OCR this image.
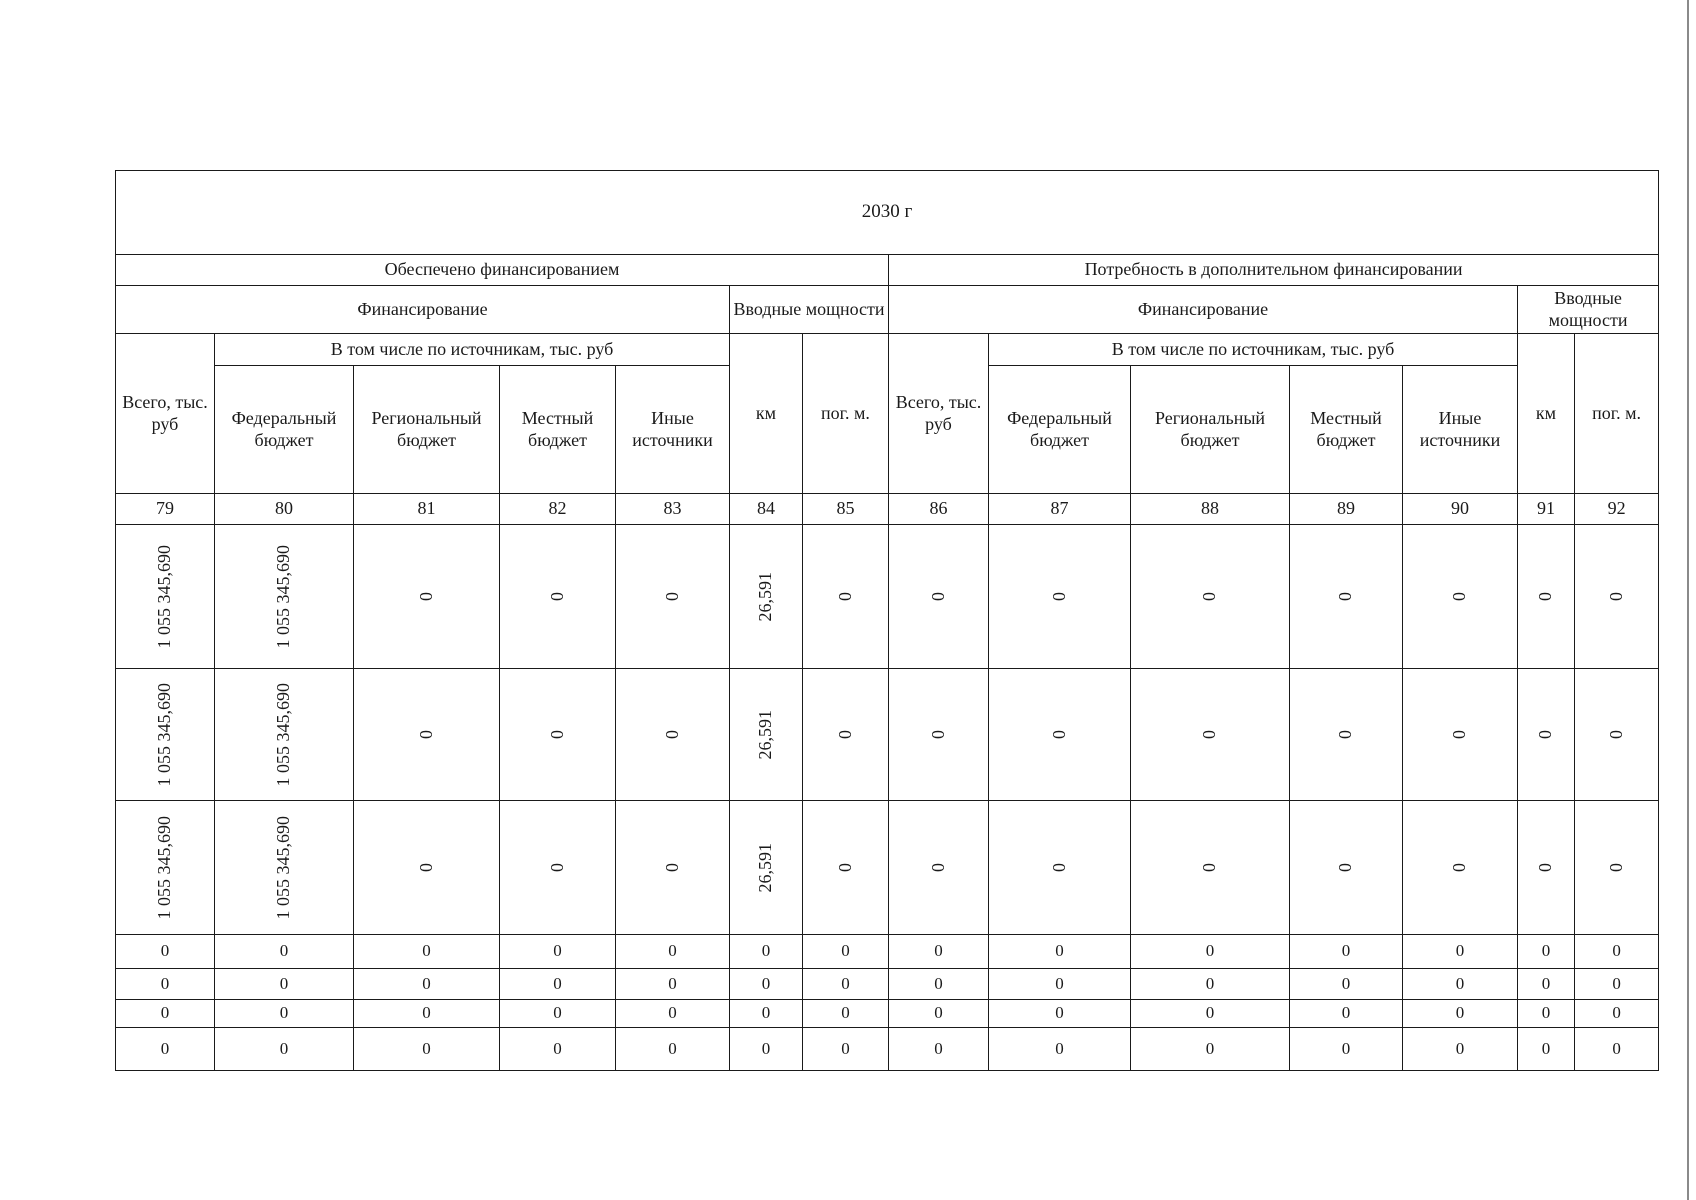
2030 г													
Обеспечено финансированием							Потребность в дополнительном финансировании						
Финансирование					Вводные мощности		Финансирование					Вводные мощности	
Всего, тыс. руб	В том числе по источникам, тыс. руб				км	пог. м.	Всего, тыс. руб	В том числе по источникам, тыс. руб				км	пог. м.
	Федеральный бюджет	Региональный бюджет	Местный бюджет	Иные источники				Федеральный бюджет	Региональный бюджет	Местный бюджет	Иные источники		
79	80	81	82	83	84	85	86	87	88	89	90	91	92

1 055 345,690	1 055 345,690	0	0	0	26,591	0	0	0	0	0	0	0	0

1 055 345,690	1 055 345,690	0	0	0	26,591	0	0	0	0	0	0	0	0

1 055 345,690	1 055 345,690	0	0	0	26,591	0	0	0	0	0	0	0	0

0	0	0	0	0	0	0	0	0	0	0	0	0	0
0	0	0	0	0	0	0	0	0	0	0	0	0	0
0	0	0	0	0	0	0	0	0	0	0	0	0	0
0	0	0	0	0	0	0	0	0	0	0	0	0	0
